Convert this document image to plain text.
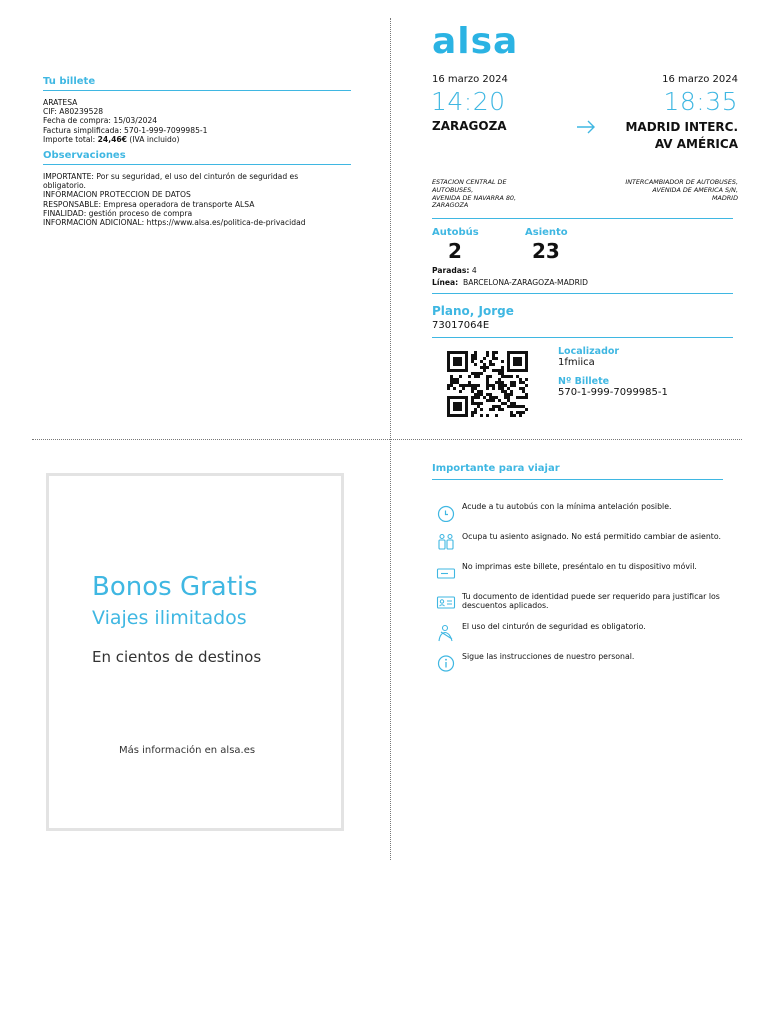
Tu billete
ARATESA
CIF: A80239528
Fecha de compra: 15/03/2024
Factura simplificada: 570-1-999-7099985-1
Importe total: 24,46€ (IVA incluido)
Observaciones
IMPORTANTE: Por su seguridad, el uso del cinturón de seguridad es
obligatorio.
INFORMACION PROTECCION DE DATOS
RESPONSABLE: Empresa operadora de transporte ALSA
FINALIDAD: gestión proceso de compra
INFORMACION ADICIONAL: https://www.alsa.es/politica-de-privacidad
alsa
16 marzo 2024	16 marzo 2024
14:20	18:35
ZARAGOZA	MADRID INTERC.
AV AMÉRICA
ESTACION CENTRAL DE
AUTOBUSES,
AVENIDA DE NAVARRA 80,
ZARAGOZA
INTERCAMBIADOR DE AUTOBUSES,
AVENIDA DE AMERICA S/N,
MADRID
Autobús
2
Asiento
23
Paradas: 4
Línea: BARCELONA-ZARAGOZA-MADRID
Plano, Jorge
73017064E
Localizador
1fmiica
Nº Billete
570-1-999-7099985-1
Bonos Gratis
Viajes ilimitados
En cientos de destinos
Más información en alsa.es
Importante para viajar
Acude a tu autobús con la mínima antelación posible.
Ocupa tu asiento asignado. No está permitido cambiar de asiento.
No imprimas este billete, preséntalo en tu dispositivo móvil.
Tu documento de identidad puede ser requerido para justificar los descuentos aplicados.
El uso del cinturón de seguridad es obligatorio.
Sigue las instrucciones de nuestro personal.
